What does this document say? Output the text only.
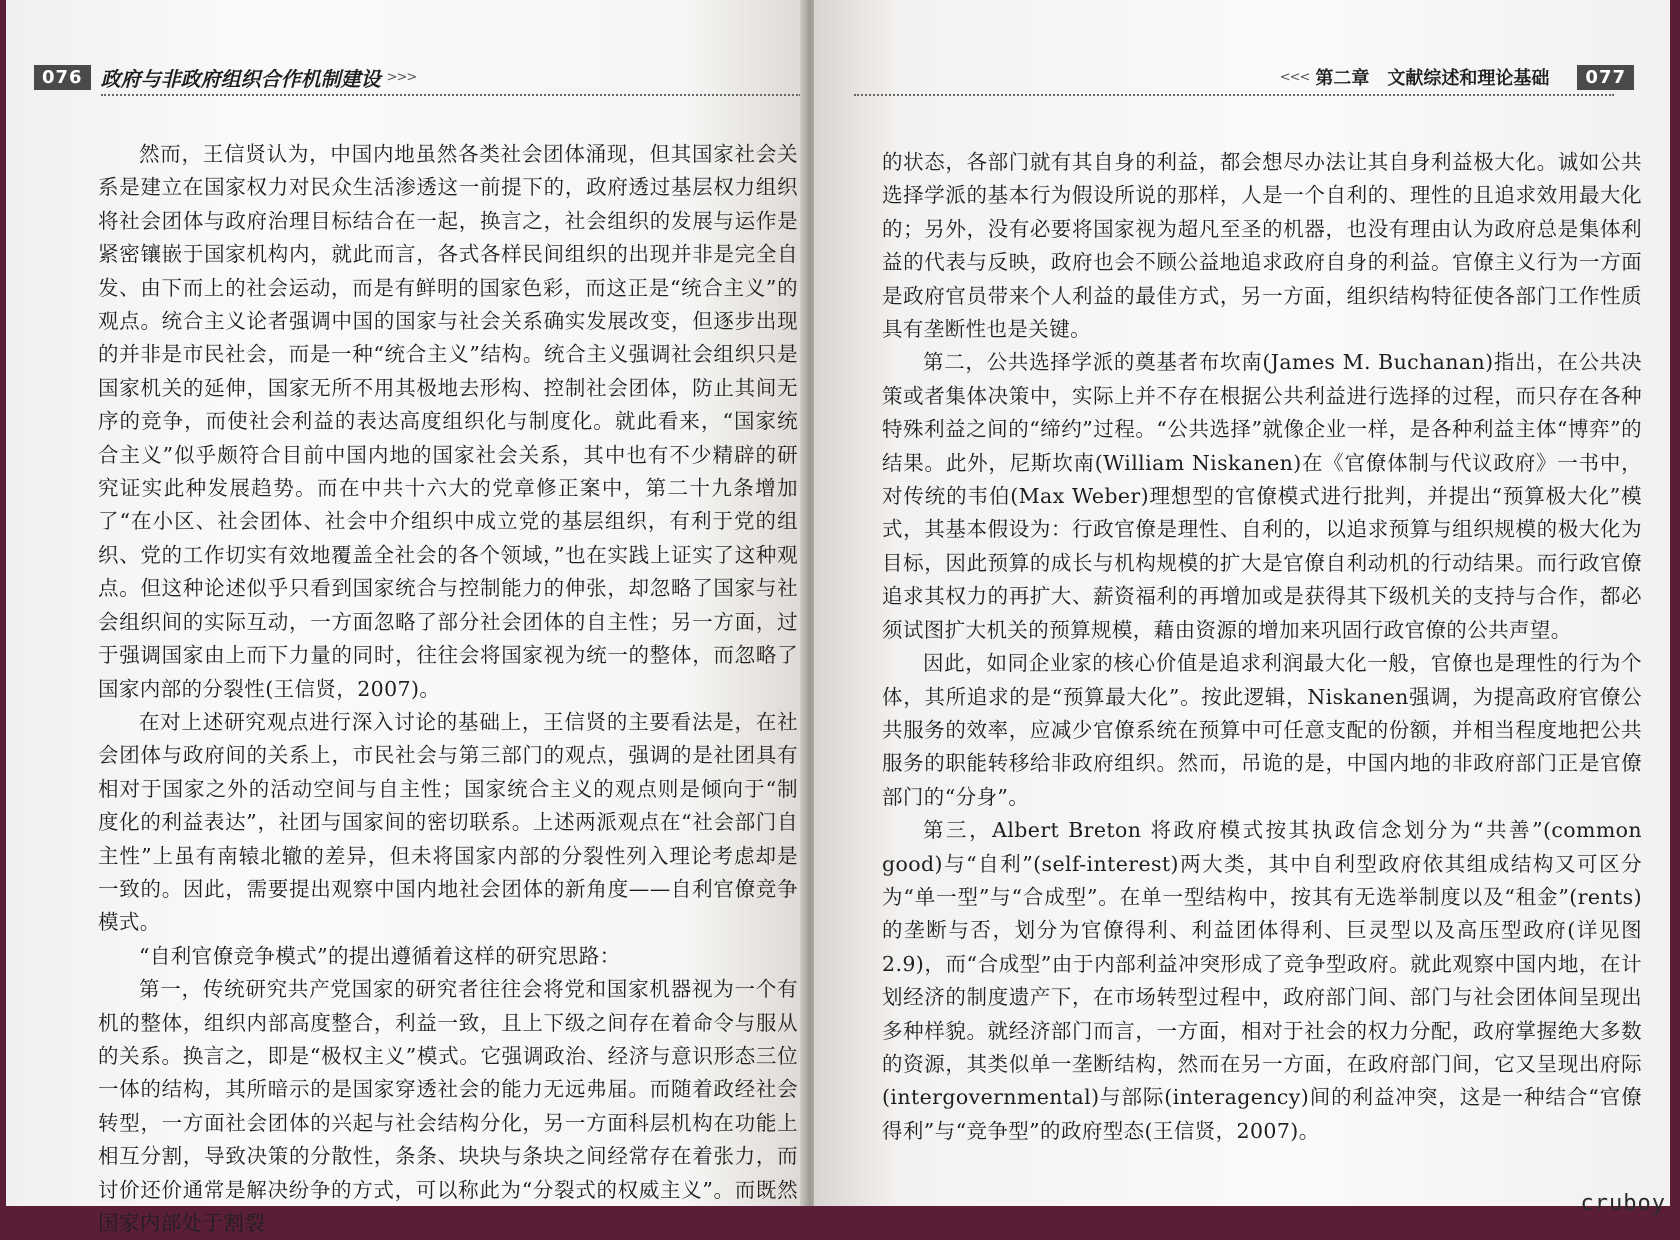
076 政府与非政府组织合作机制建设 >>>

然而，王信贤认为，中国内地虽然各类社会团体涌现，但其国家社会关系是建立在国家权力对民众生活渗透这一前提下的，政府透过基层权力组织将社会团体与政府治理目标结合在一起，换言之，社会组织的发展与运作是紧密镶嵌于国家机构内，就此而言，各式各样民间组织的出现并非是完全自发、由下而上的社会运动，而是有鲜明的国家色彩，而这正是“统合主义”的观点。统合主义论者强调中国的国家与社会关系确实发展改变，但逐步出现的并非是市民社会，而是一种“统合主义”结构。统合主义强调社会组织只是国家机关的延伸，国家无所不用其极地去形构、控制社会团体，防止其间无序的竞争，而使社会利益的表达高度组织化与制度化。就此看来，“国家统合主义”似乎颇符合目前中国内地的国家社会关系，其中也有不少精辟的研究证实此种发展趋势。而在中共十六大的党章修正案中，第二十九条增加了“在小区、社会团体、社会中介组织中成立党的基层组织，有利于党的组织、党的工作切实有效地覆盖全社会的各个领域，”也在实践上证实了这种观点。但这种论述似乎只看到国家统合与控制能力的伸张，却忽略了国家与社会组织间的实际互动，一方面忽略了部分社会团体的自主性；另一方面，过于强调国家由上而下力量的同时，往往会将国家视为统一的整体，而忽略了国家内部的分裂性(王信贤，2007)。

在对上述研究观点进行深入讨论的基础上，王信贤的主要看法是，在社会团体与政府间的关系上，市民社会与第三部门的观点，强调的是社团具有相对于国家之外的活动空间与自主性；国家统合主义的观点则是倾向于“制度化的利益表达”，社团与国家间的密切联系。上述两派观点在“社会部门自主性”上虽有南辕北辙的差异，但未将国家内部的分裂性列入理论考虑却是一致的。因此，需要提出观察中国内地社会团体的新角度——自利官僚竞争模式。

“自利官僚竞争模式”的提出遵循着这样的研究思路：

第一，传统研究共产党国家的研究者往往会将党和国家机器视为一个有机的整体，组织内部高度整合，利益一致，且上下级之间存在着命令与服从的关系。换言之，即是“极权主义”模式。它强调政治、经济与意识形态三位一体的结构，其所暗示的是国家穿透社会的能力无远弗届。而随着政经社会转型，一方面社会团体的兴起与社会结构分化，另一方面科层机构在功能上相互分割，导致决策的分散性，条条、块块与条块之间经常存在着张力，而讨价还价通常是解决纷争的方式，可以称此为“分裂式的权威主义”。而既然国家内部处于割裂

<<< 第二章 文献综述和理论基础	077

的状态，各部门就有其自身的利益，都会想尽办法让其自身利益极大化。诚如公共选择学派的基本行为假设所说的那样，人是一个自利的、理性的且追求效用最大化的；另外，没有必要将国家视为超凡至圣的机器，也没有理由认为政府总是集体利益的代表与反映，政府也会不顾公益地追求政府自身的利益。官僚主义行为一方面是政府官员带来个人利益的最佳方式，另一方面，组织结构特征使各部门工作性质具有垄断性也是关键。

第二，公共选择学派的奠基者布坎南(James M. Buchanan)指出，在公共决策或者集体决策中，实际上并不存在根据公共利益进行选择的过程，而只存在各种特殊利益之间的“缔约”过程。“公共选择”就像企业一样，是各种利益主体“博弈”的结果。此外，尼斯坎南(William Niskanen)在《官僚体制与代议政府》一书中，对传统的韦伯(Max Weber)理想型的官僚模式进行批判，并提出“预算极大化”模式，其基本假设为：行政官僚是理性、自利的，以追求预算与组织规模的极大化为目标，因此预算的成长与机构规模的扩大是官僚自利动机的行动结果。而行政官僚追求其权力的再扩大、薪资福利的再增加或是获得其下级机关的支持与合作，都必须试图扩大机关的预算规模，藉由资源的增加来巩固行政官僚的公共声望。

因此，如同企业家的核心价值是追求利润最大化一般，官僚也是理性的行为个体，其所追求的是“预算最大化”。按此逻辑，Niskanen强调，为提高政府官僚公共服务的效率，应减少官僚系统在预算中可任意支配的份额，并相当程度地把公共服务的职能转移给非政府组织。然而，吊诡的是，中国内地的非政府部门正是官僚部门的“分身”。

第三，Albert Breton 将政府模式按其执政信念划分为“共善”(common good)与“自利”(self-interest)两大类，其中自利型政府依其组成结构又可区分为“单一型”与“合成型”。在单一型结构中，按其有无选举制度以及“租金”(rents)的垄断与否，划分为官僚得利、利益团体得利、巨灵型以及高压型政府(详见图 2.9)，而“合成型”由于内部利益冲突形成了竞争型政府。就此观察中国内地，在计划经济的制度遗产下，在市场转型过程中，政府部门间、部门与社会团体间呈现出多种样貌。就经济部门而言，一方面，相对于社会的权力分配，政府掌握绝大多数的资源，其类似单一垄断结构，然而在另一方面，在政府部门间，它又呈现出府际(intergovernmental)与部际(interagency)间的利益冲突，这是一种结合“官僚得利”与“竞争型”的政府型态(王信贤，2007)。

cruboy
